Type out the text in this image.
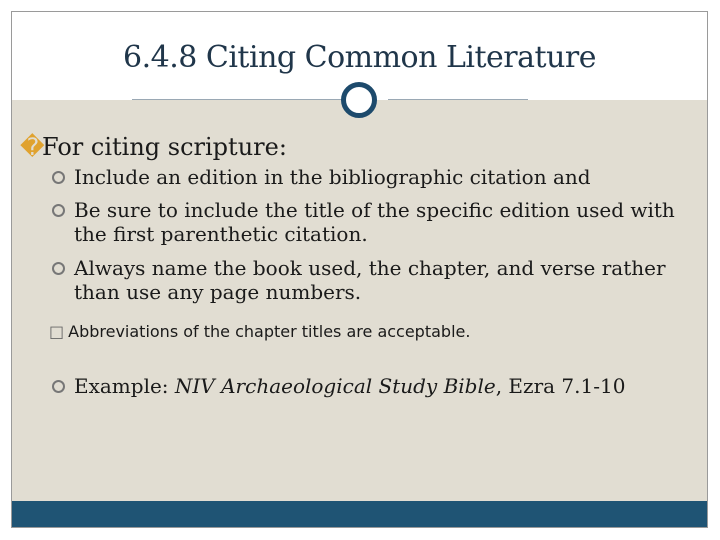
6.4.8 Citing Common Literature
�For citing scripture:
Include an edition in the bibliographic citation and
Be sure to include the title of the specific edition used with the first parenthetic citation.
Always name the book used, the chapter, and verse rather than use any page numbers.
□ Abbreviations of the chapter titles are acceptable.
Example: NIV Archaeological Study Bible, Ezra 7.1-10
